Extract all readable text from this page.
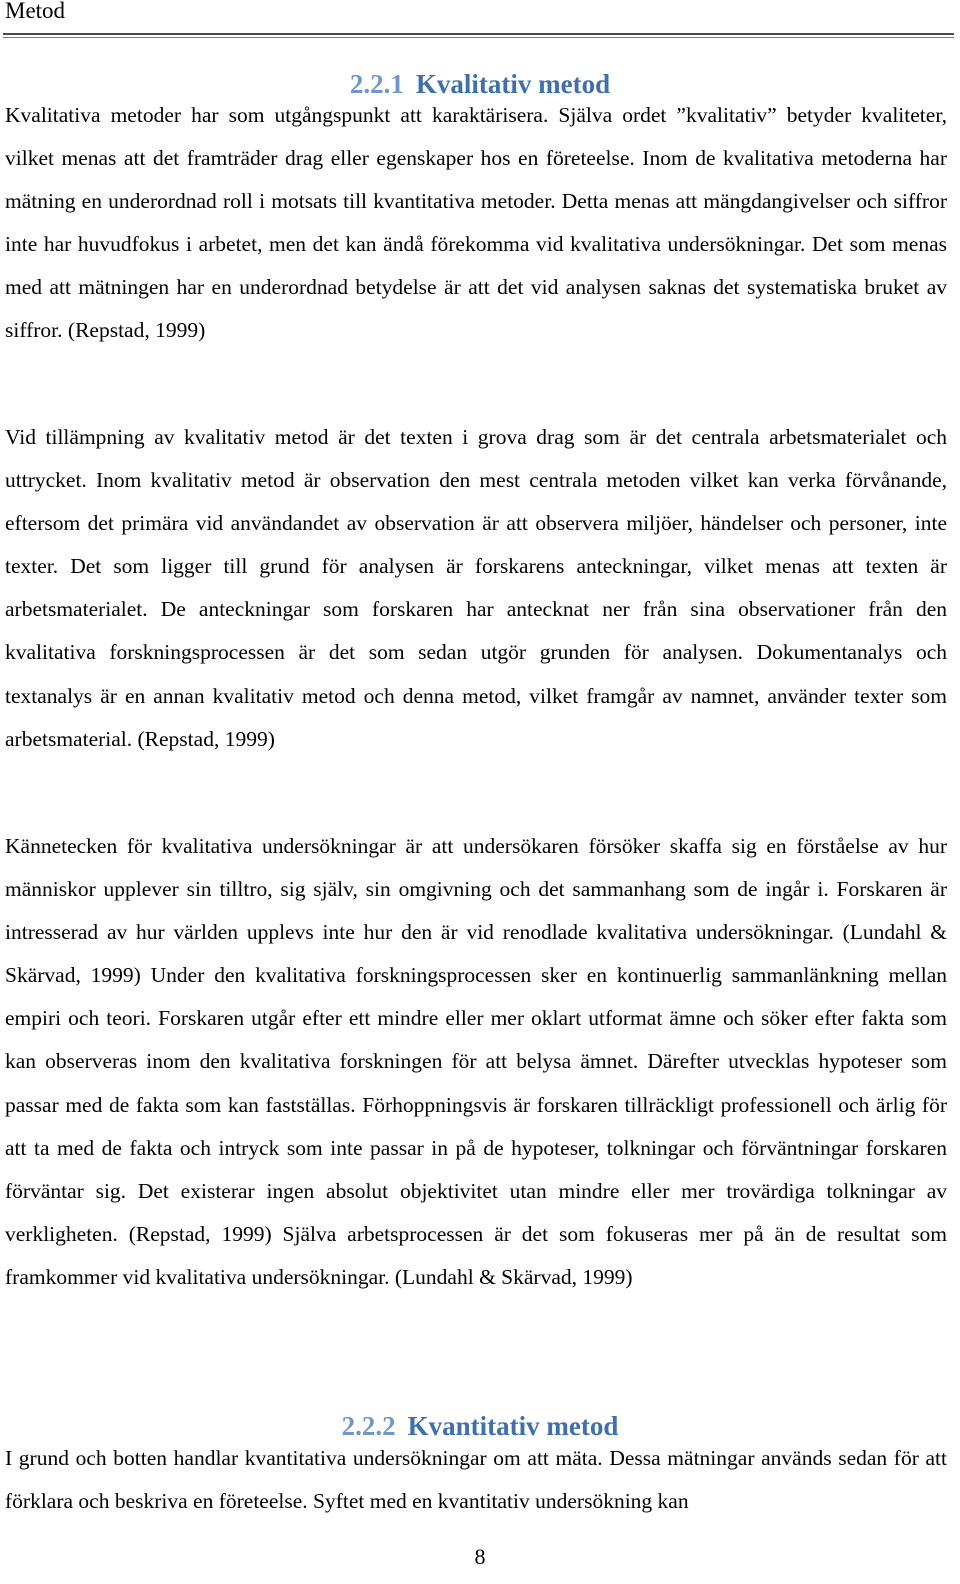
Metod
2.2.1 Kvalitativ metod

Kvalitativa metoder har som utgångspunkt att karaktärisera. Själva ordet ”kvalitativ” betyder kvaliteter, vilket menas att det framträder drag eller egenskaper hos en företeelse. Inom de kvalitativa metoderna har mätning en underordnad roll i motsats till kvantitativa metoder. Detta menas att mängdangivelser och siffror inte har huvudfokus i arbetet, men det kan ändå förekomma vid kvalitativa undersökningar. Det som menas med att mätningen har en underordnad betydelse är att det vid analysen saknas det systematiska bruket av siffror. (Repstad, 1999)

Vid tillämpning av kvalitativ metod är det texten i grova drag som är det centrala arbetsmaterialet och uttrycket. Inom kvalitativ metod är observation den mest centrala metoden vilket kan verka förvånande, eftersom det primära vid användandet av observation är att observera miljöer, händelser och personer, inte texter. Det som ligger till grund för analysen är forskarens anteckningar, vilket menas att texten är arbetsmaterialet. De anteckningar som forskaren har antecknat ner från sina observationer från den kvalitativa forskningsprocessen är det som sedan utgör grunden för analysen. Dokumentanalys och textanalys är en annan kvalitativ metod och denna metod, vilket framgår av namnet, använder texter som arbetsmaterial. (Repstad, 1999)

Kännetecken för kvalitativa undersökningar är att undersökaren försöker skaffa sig en förståelse av hur människor upplever sin tilltro, sig själv, sin omgivning och det sammanhang som de ingår i. Forskaren är intresserad av hur världen upplevs inte hur den är vid renodlade kvalitativa undersökningar. (Lundahl & Skärvad, 1999) Under den kvalitativa forskningsprocessen sker en kontinuerlig sammanlänkning mellan empiri och teori. Forskaren utgår efter ett mindre eller mer oklart utformat ämne och söker efter fakta som kan observeras inom den kvalitativa forskningen för att belysa ämnet. Därefter utvecklas hypoteser som passar med de fakta som kan fastställas. Förhoppningsvis är forskaren tillräckligt professionell och ärlig för att ta med de fakta och intryck som inte passar in på de hypoteser, tolkningar och förväntningar forskaren förväntar sig. Det existerar ingen absolut objektivitet utan mindre eller mer trovärdiga tolkningar av verkligheten. (Repstad, 1999) Själva arbetsprocessen är det som fokuseras mer på än de resultat som framkommer vid kvalitativa undersökningar. (Lundahl & Skärvad, 1999)

2.2.2 Kvantitativ metod

I grund och botten handlar kvantitativa undersökningar om att mäta. Dessa mätningar används sedan för att förklara och beskriva en företeelse. Syftet med en kvantitativ undersökning kan

8
